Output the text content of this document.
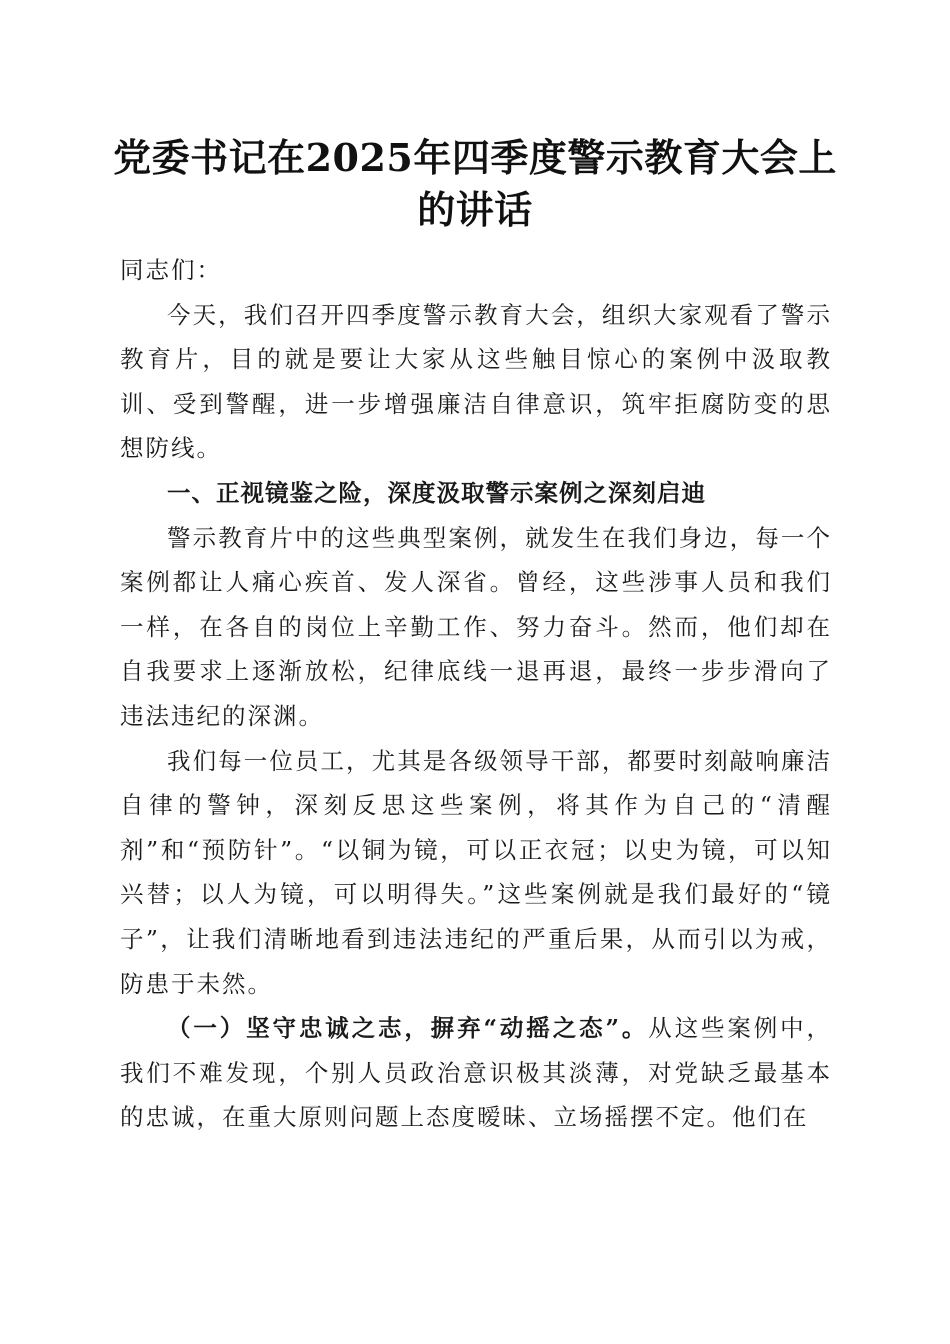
党委书记在2025年四季度警示教育大会上的讲话

同志们：

今天，我们召开四季度警示教育大会，组织大家观看了警示教育片，目的就是要让大家从这些触目惊心的案例中汲取教训、受到警醒，进一步增强廉洁自律意识，筑牢拒腐防变的思想防线。

一、正视镜鉴之险，深度汲取警示案例之深刻启迪

警示教育片中的这些典型案例，就发生在我们身边，每一个案例都让人痛心疾首、发人深省。曾经，这些涉事人员和我们一样，在各自的岗位上辛勤工作、努力奋斗。然而，他们却在自我要求上逐渐放松，纪律底线一退再退，最终一步步滑向了违法违纪的深渊。

我们每一位员工，尤其是各级领导干部，都要时刻敲响廉洁自律的警钟，深刻反思这些案例，将其作为自己的“清醒剂”和“预防针”。“以铜为镜，可以正衣冠；以史为镜，可以知兴替；以人为镜，可以明得失。”这些案例就是我们最好的“镜子”，让我们清晰地看到违法违纪的严重后果，从而引以为戒，防患于未然。

（一）坚守忠诚之志，摒弃“动摇之态”。从这些案例中，我们不难发现，个别人员政治意识极其淡薄，对党缺乏最基本的忠诚，在重大原则问题上态度暧昧、立场摇摆不定。他们在
